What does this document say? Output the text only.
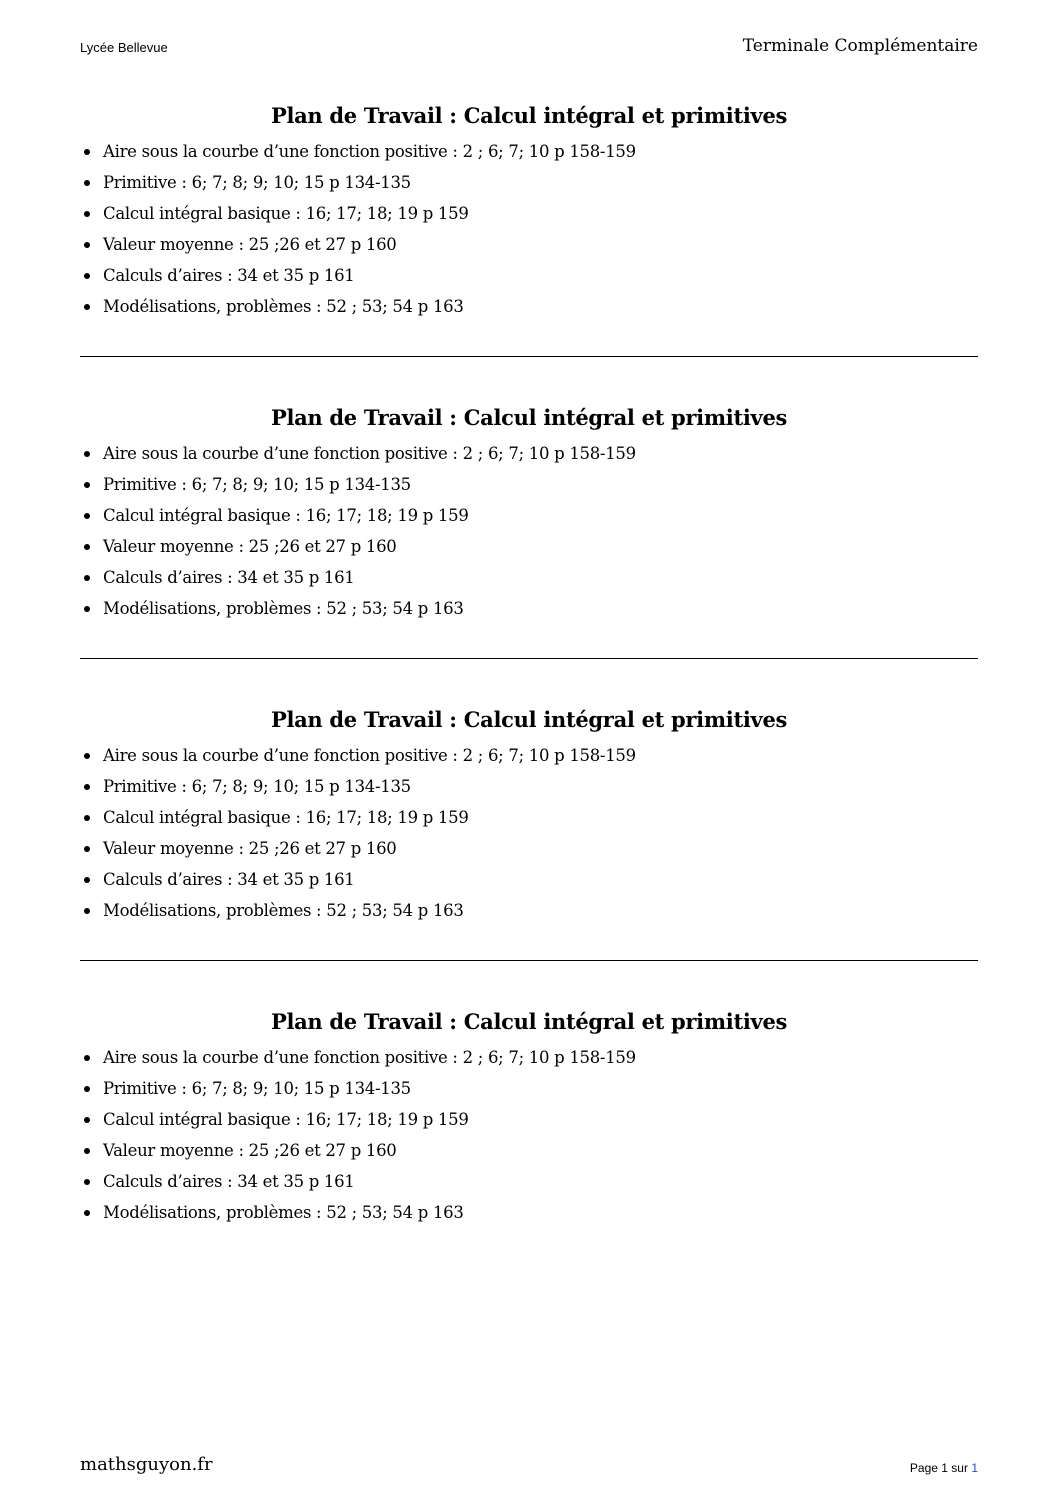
Lycée Bellevue	Terminale Complémentaire
Plan de Travail : Calcul intégral et primitives
Aire sous la courbe d’une fonction positive : 2 ; 6; 7; 10 p 158-159
Primitive : 6; 7; 8; 9; 10; 15 p 134-135
Calcul intégral basique : 16; 17; 18; 19 p 159
Valeur moyenne : 25 ;26 et 27 p 160
Calculs d’aires : 34 et 35 p 161
Modélisations, problèmes : 52 ; 53; 54 p 163
Plan de Travail : Calcul intégral et primitives
Aire sous la courbe d’une fonction positive : 2 ; 6; 7; 10 p 158-159
Primitive : 6; 7; 8; 9; 10; 15 p 134-135
Calcul intégral basique : 16; 17; 18; 19 p 159
Valeur moyenne : 25 ;26 et 27 p 160
Calculs d’aires : 34 et 35 p 161
Modélisations, problèmes : 52 ; 53; 54 p 163
Plan de Travail : Calcul intégral et primitives
Aire sous la courbe d’une fonction positive : 2 ; 6; 7; 10 p 158-159
Primitive : 6; 7; 8; 9; 10; 15 p 134-135
Calcul intégral basique : 16; 17; 18; 19 p 159
Valeur moyenne : 25 ;26 et 27 p 160
Calculs d’aires : 34 et 35 p 161
Modélisations, problèmes : 52 ; 53; 54 p 163
Plan de Travail : Calcul intégral et primitives
Aire sous la courbe d’une fonction positive : 2 ; 6; 7; 10 p 158-159
Primitive : 6; 7; 8; 9; 10; 15 p 134-135
Calcul intégral basique : 16; 17; 18; 19 p 159
Valeur moyenne : 25 ;26 et 27 p 160
Calculs d’aires : 34 et 35 p 161
Modélisations, problèmes : 52 ; 53; 54 p 163
mathsguyon.fr	Page 1 sur 1
